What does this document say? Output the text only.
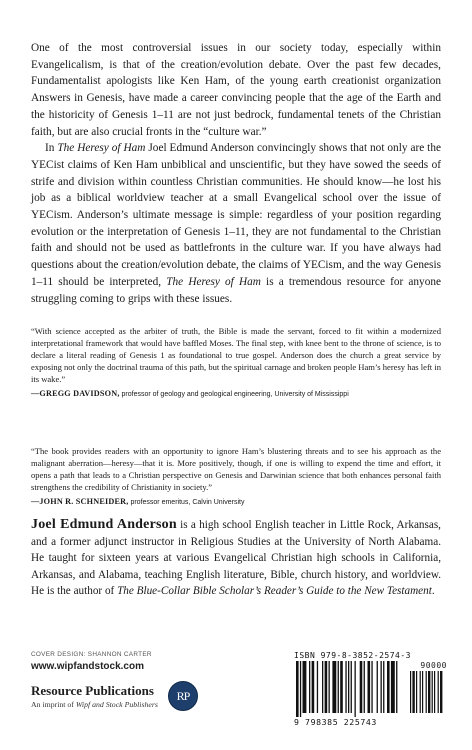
One of the most controversial issues in our society today, especially within Evangelicalism, is that of the creation/evolution debate. Over the past few decades, Fundamentalist apologists like Ken Ham, of the young earth creationist organization Answers in Genesis, have made a career convincing people that the age of the Earth and the historicity of Genesis 1–11 are not just bedrock, fundamental tenets of the Christian faith, but are also crucial fronts in the “culture war.”

In The Heresy of Ham Joel Edmund Anderson convincingly shows that not only are the YECist claims of Ken Ham unbiblical and unscientific, but they have sowed the seeds of strife and division within countless Christian communities. He should know—he lost his job as a biblical worldview teacher at a small Evangelical school over the issue of YECism. Anderson’s ultimate message is simple: regardless of your position regarding evolution or the interpretation of Genesis 1–11, they are not fundamental to the Christian faith and should not be used as battlefronts in the culture war. If you have always had questions about the creation/evolution debate, the claims of YECism, and the way Genesis 1–11 should be interpreted, The Heresy of Ham is a tremendous resource for anyone struggling coming to grips with these issues.

“With science accepted as the arbiter of truth, the Bible is made the servant, forced to fit within a modernized interpretational framework that would have baffled Moses. The final step, with knee bent to the throne of science, is to declare a literal reading of Genesis 1 as foundational to true gospel. Anderson does the church a great service by exposing not only the doctrinal trauma of this path, but the spiritual carnage and broken people Ham’s heresy has left in its wake.”

—GREGG DAVIDSON, professor of geology and geological engineering, University of Mississippi

“The book provides readers with an opportunity to ignore Ham’s blustering threats and to see his approach as the malignant aberration—heresy—that it is. More positively, though, if one is willing to expend the time and effort, it opens a path that leads to a Christian perspective on Genesis and Darwinian science that both enhances personal faith strengthens the credibility of Christianity in society.”

—JOHN R. SCHNEIDER, professor emeritus, Calvin University

Joel Edmund Anderson is a high school English teacher in Little Rock, Arkansas, and a former adjunct instructor in Religious Studies at the University of North Alabama. He taught for sixteen years at various Evangelical Christian high schools in California, Arkansas, and Alabama, teaching English literature, Bible, church history, and worldview. He is the author of The Blue-Collar Bible Scholar’s Reader’s Guide to the New Testament.

COVER DESIGN: SHANNON CARTER
www.wipfandstock.com
Resource Publications
An imprint of Wipf and Stock Publishers
RP
ISBN 979-8-3852-2574-3
9 798385 225743
90000
